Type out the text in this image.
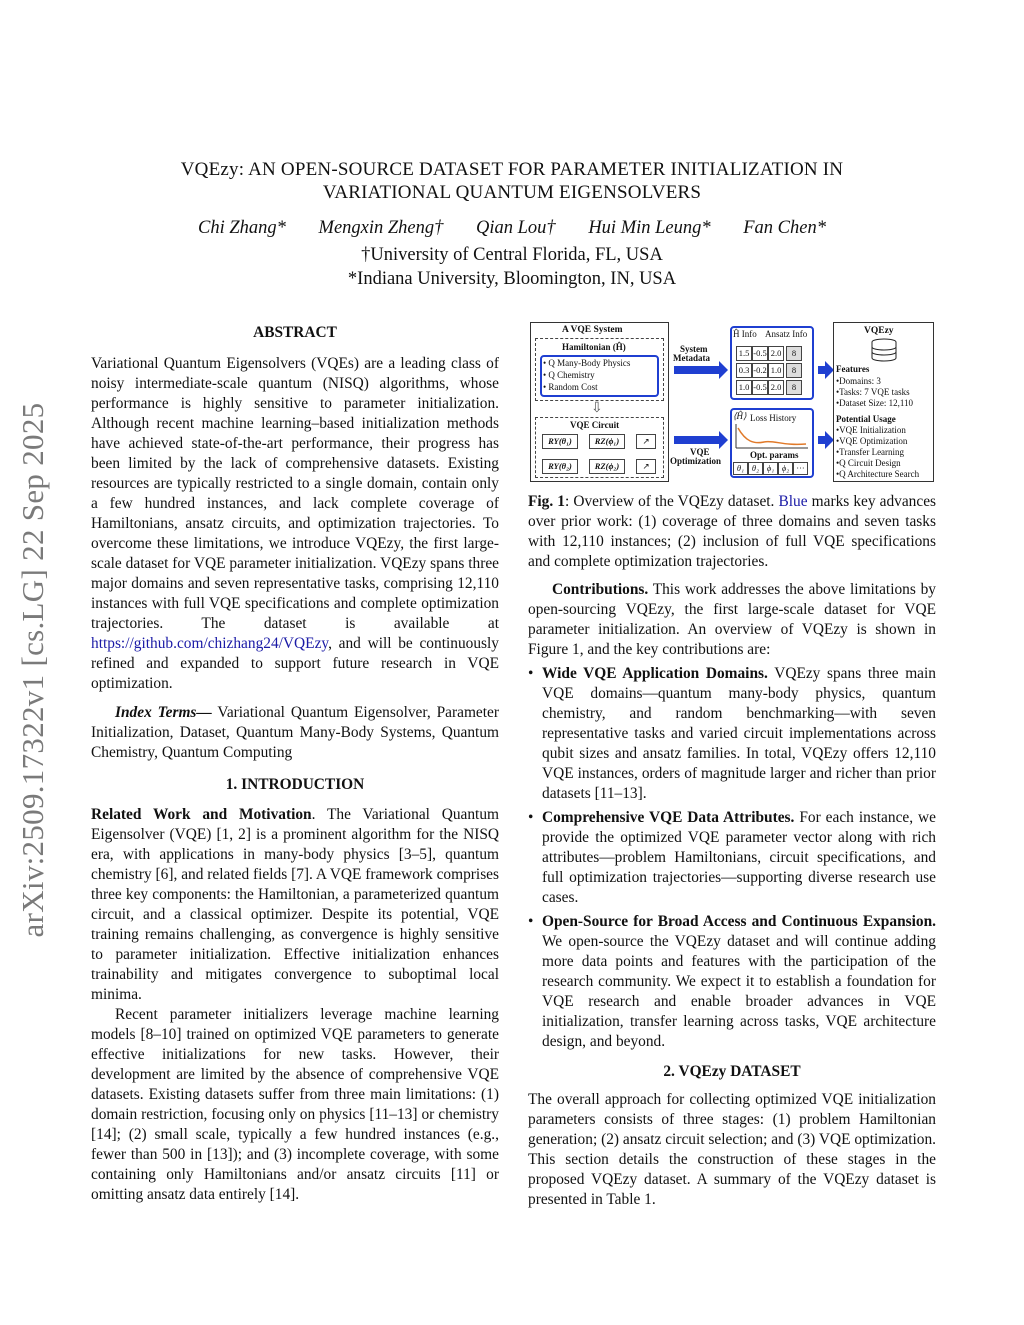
arXiv:2509.17322v1 [cs.LG] 22 Sep 2025
VQEzy: AN OPEN-SOURCE DATASET FOR PARAMETER INITIALIZATION IN
VARIATIONAL QUANTUM EIGENSOLVERS
Chi Zhang* Mengxin Zheng† Qian Lou† Hui Min Leung* Fan Chen*
†University of Central Florida, FL, USA
*Indiana University, Bloomington, IN, USA

ABSTRACT

Variational Quantum Eigensolvers (VQEs) are a leading class of noisy intermediate-scale quantum (NISQ) algorithms, whose performance is highly sensitive to parameter initialization. Although recent machine learning–based initialization methods have achieved state-of-the-art performance, their progress has been limited by the lack of comprehensive datasets. Existing resources are typically restricted to a single domain, contain only a few hundred instances, and lack complete coverage of Hamiltonians, ansatz circuits, and optimization trajectories. To overcome these limitations, we introduce VQEzy, the first large-scale dataset for VQE parameter initialization. VQEzy spans three major domains and seven representative tasks, comprising 12,110 instances with full VQE specifications and complete optimization trajectories. The dataset is available at https://github.com/chizhang24/VQEzy, and will be continuously refined and expanded to support future research in VQE optimization.

Index Terms— Variational Quantum Eigensolver, Parameter Initialization, Dataset, Quantum Many-Body Systems, Quantum Chemistry, Quantum Computing

1. INTRODUCTION

Related Work and Motivation. The Variational Quantum Eigensolver (VQE) [1, 2] is a prominent algorithm for the NISQ era, with applications in many-body physics [3–5], quantum chemistry [6], and related fields [7]. A VQE framework comprises three key components: the Hamiltonian, a parameterized quantum circuit, and a classical optimizer. Despite its potential, VQE training remains challenging, as convergence is highly sensitive to parameter initialization. Effective initialization enhances trainability and mitigates convergence to suboptimal local minima.

Recent parameter initializers leverage machine learning models [8–10] trained on optimized VQE parameters to generate effective initializations for new tasks. However, their development are limited by the absence of comprehensive VQE datasets. Existing datasets suffer from three main limitations: (1) domain restriction, focusing only on physics [11–13] or chemistry [14]; (2) small scale, typically a few hundred instances (e.g., fewer than 500 in [13]); and (3) incomplete coverage, with some containing only Hamiltonians and/or ansatz circuits [11] or omitting ansatz data entirely [14].

A VQE System
Hamiltonian (Ĥ)
• Q Many-Body Physics
• Q Chemistry
• Random Cost
⇩
VQE Circuit
RY(θ₁)	RZ(ϕ₁)	↗
RY(θ₂)	RZ(ϕ₂)	↗
System
Metadata
VQE
Optimization
Ĥ Info Ansatz Info
1.5 -0.5 2.0	8
0.3 -0.2 1.0	8
1.0 -0.5 2.0	8
⟨Ĥ⟩ Loss History
Opt. params
θ₁ θ₂ ϕ₁ ϕ₂ ···
VQEzy
Features
•Domains: 3
•Tasks: 7 VQE tasks
•Dataset Size: 12,110
Potential Usage
•VQE Initialization
•VQE Optimization
•Transfer Learning
•Q Circuit Design
•Q Architecture Search
Fig. 1: Overview of the VQEzy dataset. Blue marks key advances over prior work: (1) coverage of three domains and seven tasks with 12,110 instances; (2) inclusion of full VQE specifications and complete optimization trajectories.

Contributions. This work addresses the above limitations by open-sourcing VQEzy, the first large-scale dataset for VQE parameter initialization. An overview of VQEzy is shown in Figure 1, and the key contributions are:

• Wide VQE Application Domains. VQEzy spans three main VQE domains—quantum many-body physics, quantum chemistry, and random benchmarking—with seven representative tasks and varied circuit implementations across qubit sizes and ansatz families. In total, VQEzy offers 12,110 VQE instances, orders of magnitude larger and richer than prior datasets [11–13].
• Comprehensive VQE Data Attributes. For each instance, we provide the optimized VQE parameter vector along with rich attributes—problem Hamiltonians, circuit specifications, and full optimization trajectories—supporting diverse research use cases.
• Open-Source for Broad Access and Continuous Expansion. We open-source the VQEzy dataset and will continue adding more data points and features with the participation of the research community. We expect it to establish a foundation for VQE research and enable broader advances in VQE initialization, transfer learning across tasks, VQE architecture design, and beyond.

2. VQEzy DATASET

The overall approach for collecting optimized VQE initialization parameters consists of three stages: (1) problem Hamiltonian generation; (2) ansatz circuit selection; and (3) VQE optimization. This section details the construction of these stages in the proposed VQEzy dataset. A summary of the VQEzy dataset is presented in Table 1.
